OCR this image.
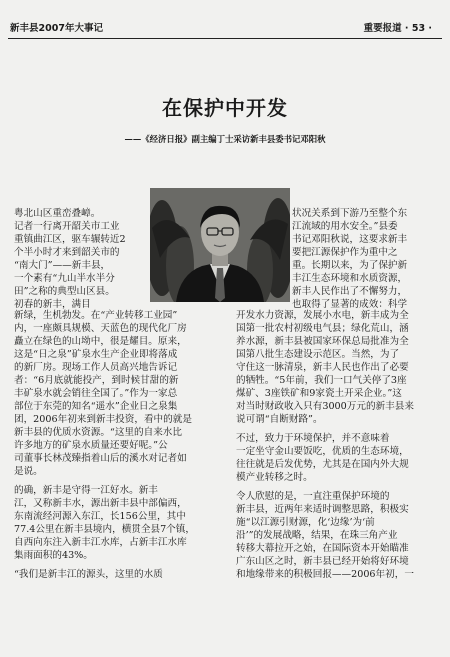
新丰县2007年大事记	重要报道 · 53 ·
在保护中开发
——《经济日报》副主编丁士采访新丰县委书记邓阳秋

粤北山区重峦叠嶂。

记者一行离开韶关市工业

重镇曲江区，驱车辗转近2

个半小时才来到韶关市的

“南大门”——新丰县，

一个素有“九山半水半分

田”之称的典型山区县。

初春的新丰，满目

状况关系到下游乃至整个东

江流域的用水安全。”县委

书记邓阳秋说，这要求新丰

要把江源保护作为重中之

重。长期以来，为了保护新

丰江生态环境和水质资源，

新丰人民作出了不懈努力，

也取得了显著的成效：科学

新绿，生机勃发。在“产业转移工业园”

内，一座颇具规模、天蓝色的现代化厂房

矗立在绿色的山坳中，很是耀目。原来，

这是“日之泉”矿泉水生产企业即将落成

的新厂房。现场工作人员高兴地告诉记

者：“6月底就能投产，到时候甘甜的新

丰矿泉水就会销往全国了。”作为一家总

部位于东莞的知名“遥水”企业日之泉集

团，2006年初来到新丰投资，看中的就是

新丰县的优质水资源。“这里的自来水比

许多地方的矿泉水质量还要好呢。”公

司董事长林茂臻指着山后的溪水对记者如

是说。

的确，新丰是守得一江好水。新丰

江，又称新丰水，源出新丰县中部偏西，

东南流经河源入东江，长156公里，其中

77.4公里在新丰县境内，横贯全县7个镇，

自西向东注入新丰江水库，占新丰江水库

集雨面积的43%。

“我们是新丰江的源头，这里的水质

开发水力资源，发展小水电，新丰成为全

国第一批农村初级电气县；绿化荒山，涵

养水源，新丰县被国家环保总局批准为全

国第八批生态建设示范区。当然，为了

守住这一脉清泉，新丰人民也作出了必要

的牺牲。“5年前，我们一口气关停了3座

煤矿、3座铁矿和9家瓷土开采企业。”这

对当时财政收入只有3000万元的新丰县来

说可谓“自断财路”。

不过，致力于环境保护，并不意味着

一定坐守金山要饭吃，优质的生态环境，

往往就是后发优势，尤其是在国内外大规

模产业转移之时。

令人欣慰的是，一直注重保护环境的

新丰县，近两年来适时调整思路，积极实

施“以江源引财源，化‘边缘’为‘前

沿’”的发展战略，结果，在珠三角产业

转移大幕拉开之始，在国际资本开始瞄准

广东山区之时，新丰县已经开始将好环境

和地缘带来的积极回报——2006年初，一
